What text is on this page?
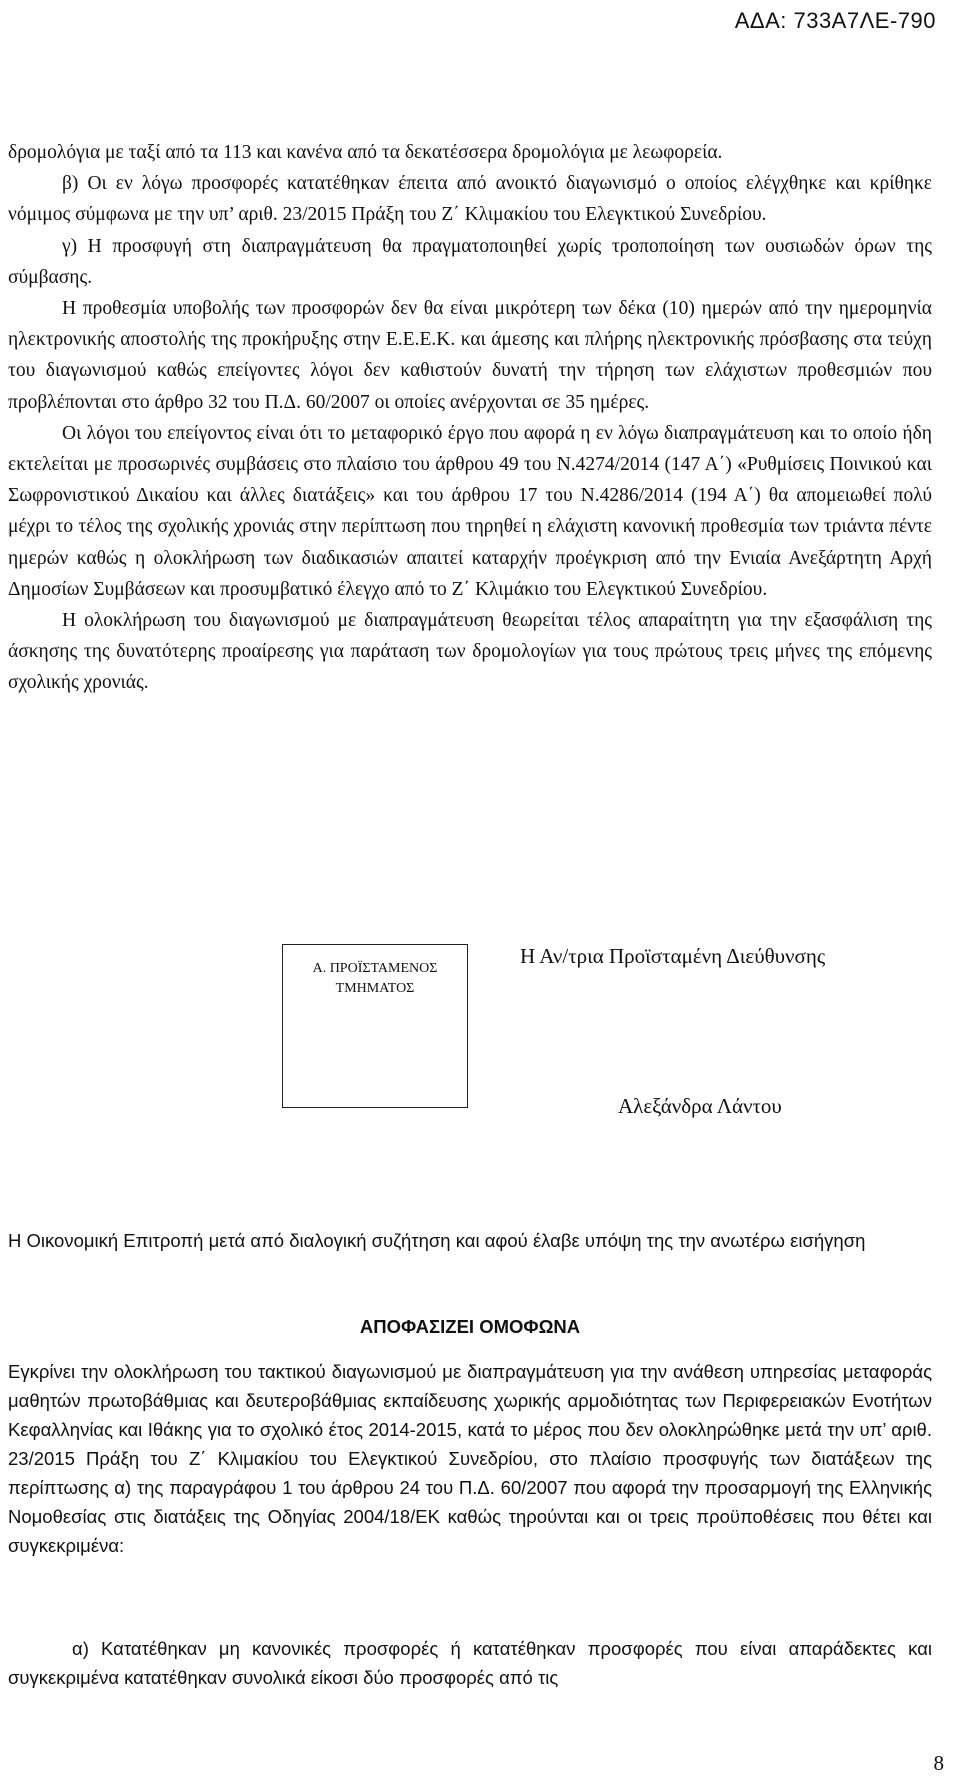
ΑΔΑ: 733Α7ΛΕ-790

δρομολόγια με ταξί από τα 113 και κανένα από τα δεκατέσσερα δρομολόγια με λεωφορεία.

β) Οι εν λόγω προσφορές κατατέθηκαν έπειτα από ανοικτό διαγωνισμό ο οποίος ελέγχθηκε και κρίθηκε νόμιμος σύμφωνα με την υπ’ αριθ. 23/2015 Πράξη του Ζ΄ Κλιμακίου του Ελεγκτικού Συνεδρίου.

γ) Η προσφυγή στη διαπραγμάτευση θα πραγματοποιηθεί χωρίς τροποποίηση των ουσιωδών όρων της σύμβασης.

Η προθεσμία υποβολής των προσφορών δεν θα είναι μικρότερη των δέκα (10) ημερών από την ημερομηνία ηλεκτρονικής αποστολής της προκήρυξης στην Ε.Ε.Ε.Κ. και άμεσης και πλήρης ηλεκτρονικής πρόσβασης στα τεύχη του διαγωνισμού καθώς επείγοντες λόγοι δεν καθιστούν δυνατή την τήρηση των ελάχιστων προθεσμιών που προβλέπονται στο άρθρο 32 του Π.Δ. 60/2007 οι οποίες ανέρχονται σε 35 ημέρες.

Οι λόγοι του επείγοντος είναι ότι το μεταφορικό έργο που αφορά η εν λόγω διαπραγμάτευση και το οποίο ήδη εκτελείται με προσωρινές συμβάσεις στο πλαίσιο του άρθρου 49 του Ν.4274/2014 (147 Α΄) «Ρυθμίσεις Ποινικού και Σωφρονιστικού Δικαίου και άλλες διατάξεις» και του άρθρου 17 του Ν.4286/2014 (194 Α΄) θα απομειωθεί πολύ μέχρι το τέλος της σχολικής χρονιάς στην περίπτωση που τηρηθεί η ελάχιστη κανονική προθεσμία των τριάντα πέντε ημερών καθώς η ολοκλήρωση των διαδικασιών απαιτεί καταρχήν προέγκριση από την Ενιαία Ανεξάρτητη Αρχή Δημοσίων Συμβάσεων και προσυμβατικό έλεγχο από το Ζ΄ Κλιμάκιο του Ελεγκτικού Συνεδρίου.

Η ολοκλήρωση του διαγωνισμού με διαπραγμάτευση θεωρείται τέλος απαραίτητη για την εξασφάλιση της άσκησης της δυνατότερης προαίρεσης για παράταση των δρομολογίων για τους πρώτους τρεις μήνες της επόμενης σχολικής χρονιάς.

Α. ΠΡΟΪΣΤΑΜΕΝΟΣ
ΤΜΗΜΑΤΟΣ
Η Αν/τρια Προϊσταμένη Διεύθυνσης
Αλεξάνδρα Λάντου

Η Οικονομική Επιτροπή μετά από διαλογική συζήτηση και αφού έλαβε υπόψη της την ανωτέρω εισήγηση

ΑΠΟΦΑΣΙΖΕΙ ΟΜΟΦΩΝΑ

Εγκρίνει την ολοκλήρωση του τακτικού διαγωνισμού με διαπραγμάτευση για την ανάθεση υπηρεσίας μεταφοράς μαθητών πρωτοβάθμιας και δευτεροβάθμιας εκπαίδευσης χωρικής αρμοδιότητας των Περιφερειακών Ενοτήτων Κεφαλληνίας και Ιθάκης για το σχολικό έτος 2014-2015, κατά το μέρος που δεν ολοκληρώθηκε μετά την υπ’ αριθ. 23/2015 Πράξη του Ζ΄ Κλιμακίου του Ελεγκτικού Συνεδρίου, στο πλαίσιο προσφυγής των διατάξεων της περίπτωσης α) της παραγράφου 1 του άρθρου 24 του Π.Δ. 60/2007 που αφορά την προσαρμογή της Ελληνικής Νομοθεσίας στις διατάξεις της Οδηγίας 2004/18/ΕΚ καθώς τηρούνται και οι τρεις προϋποθέσεις που θέτει και συγκεκριμένα:

α) Κατατέθηκαν μη κανονικές προσφορές ή κατατέθηκαν προσφορές που είναι απαράδεκτες και συγκεκριμένα κατατέθηκαν συνολικά είκοσι δύο προσφορές από τις

8
